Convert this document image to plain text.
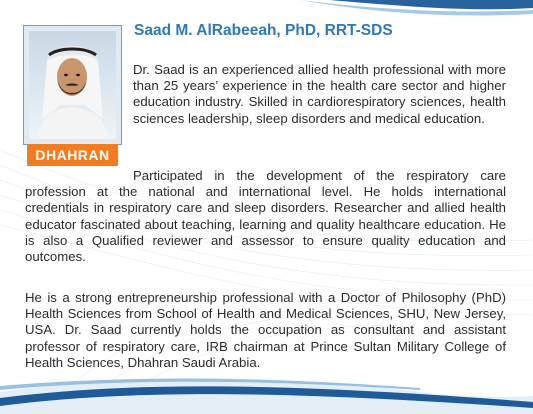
DHAHRAN
Saad M. AlRabeeah, PhD, RRT-SDS

Dr. Saad is an experienced allied health professional with more than 25 years’ experience in the health care sector and higher education industry. Skilled in cardiorespiratory sciences, health sciences leadership, sleep disorders and medical education.

Participated in the development of the respiratory care profession at the national and international level. He holds international credentials in respiratory care and sleep disorders. Researcher and allied health educator fascinated about teaching, learning and quality healthcare education. He is also a Qualified reviewer and assessor to ensure quality education and outcomes.

He is a strong entrepreneurship professional with a Doctor of Philosophy (PhD) Health Sciences from School of Health and Medical Sciences, SHU, New Jersey, USA. Dr. Saad currently holds the occupation as consultant and assistant professor of respiratory care, IRB chairman at Prince Sultan Military College of Health Sciences, Dhahran Saudi Arabia.
